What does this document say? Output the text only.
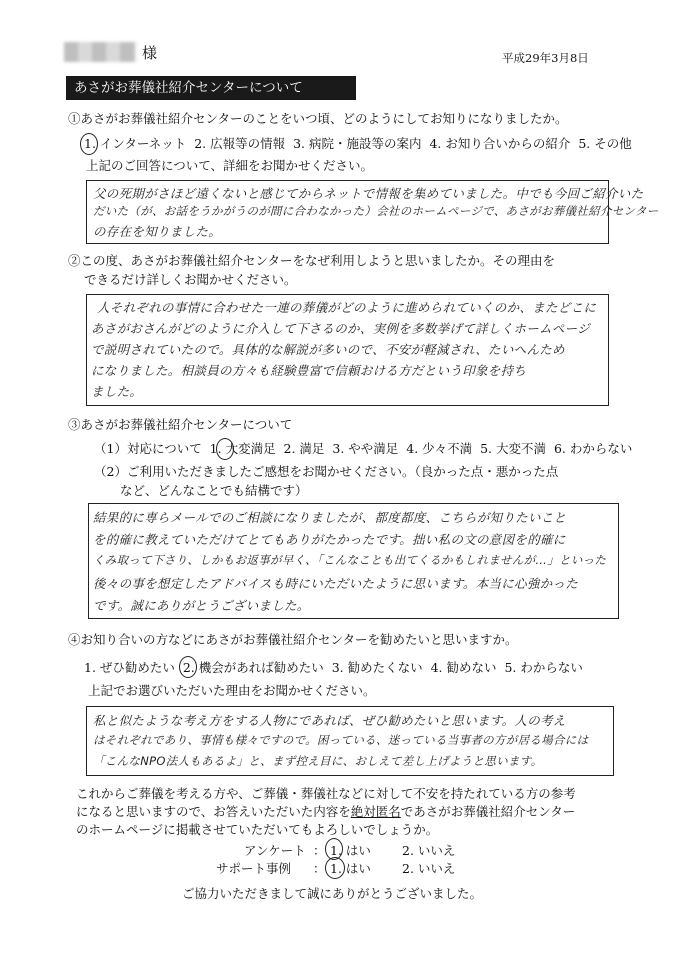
様	平成29年3月8日
あさがお葬儀社紹介センターについて
①あさがお葬儀社紹介センターのことをいつ頃、どのようにしてお知りになりましたか。
1. インターネット 2. 広報等の情報 3. 病院・施設等の案内 4. お知り合いからの紹介 5. その他
上記のご回答について、詳細をお聞かせください。
父の死期がさほど遠くないと感じてからネットで情報を集めていました。中でも今回ご紹介いた
だいた（が、お話をうかがうのが間に合わなかった）会社のホームページで、あさがお葬儀社紹介センター
の存在を知りました。
②この度、あさがお葬儀社紹介センターをなぜ利用しようと思いましたか。その理由を
できるだけ詳しくお聞かせください。
人それぞれの事情に合わせた一連の葬儀がどのように進められていくのか、またどこに
あさがおさんがどのように介入して下さるのか、実例を多数挙げて詳しくホームページ
で説明されていたので。具体的な解説が多いので、不安が軽減され、たいへんため
になりました。相談員の方々も経験豊富で信頼おける方だという印象を持ち
ました。
③あさがお葬儀社紹介センターについて
（1）対応について 1. 大変満足 2. 満足 3. やや満足 4. 少々不満 5. 大変不満 6. わからない
（2）ご利用いただきましたご感想をお聞かせください。（良かった点・悪かった点
など、どんなことでも結構です）
結果的に専らメールでのご相談になりましたが、都度都度、こちらが知りたいこと
を的確に教えていただけてとてもありがたかったです。拙い私の文の意図を的確に
くみ取って下さり、しかもお返事が早く、「こんなことも出てくるかもしれませんが…」といった
後々の事を想定したアドバイスも時にいただいたように思います。本当に心強かった
です。誠にありがとうございました。
④お知り合いの方などにあさがお葬儀社紹介センターを勧めたいと思いますか。
1. ぜひ勧めたい 2. 機会があれば勧めたい 3. 勧めたくない 4. 勧めない 5. わからない
上記でお選びいただいた理由をお聞かせください。
私と似たような考え方をする人物にであれば、ぜひ勧めたいと思います。人の考え
はそれぞれであり、事情も様々ですので。困っている、迷っている当事者の方が居る場合には
「こんなNPO法人もあるよ」と、まず控え目に、おしえて差し上げようと思います。
これからご葬儀を考える方や、ご葬儀・葬儀社などに対して不安を持たれている方の参考
になると思いますので、お答えいただいた内容を絶対匿名であさがお葬儀社紹介センター
のホームページに掲載させていただいてもよろしいでしょうか。
アンケート ： 1. はい 2. いいえ
サポート事例 ： 1. はい 2. いいえ
ご協力いただきまして誠にありがとうございました。
